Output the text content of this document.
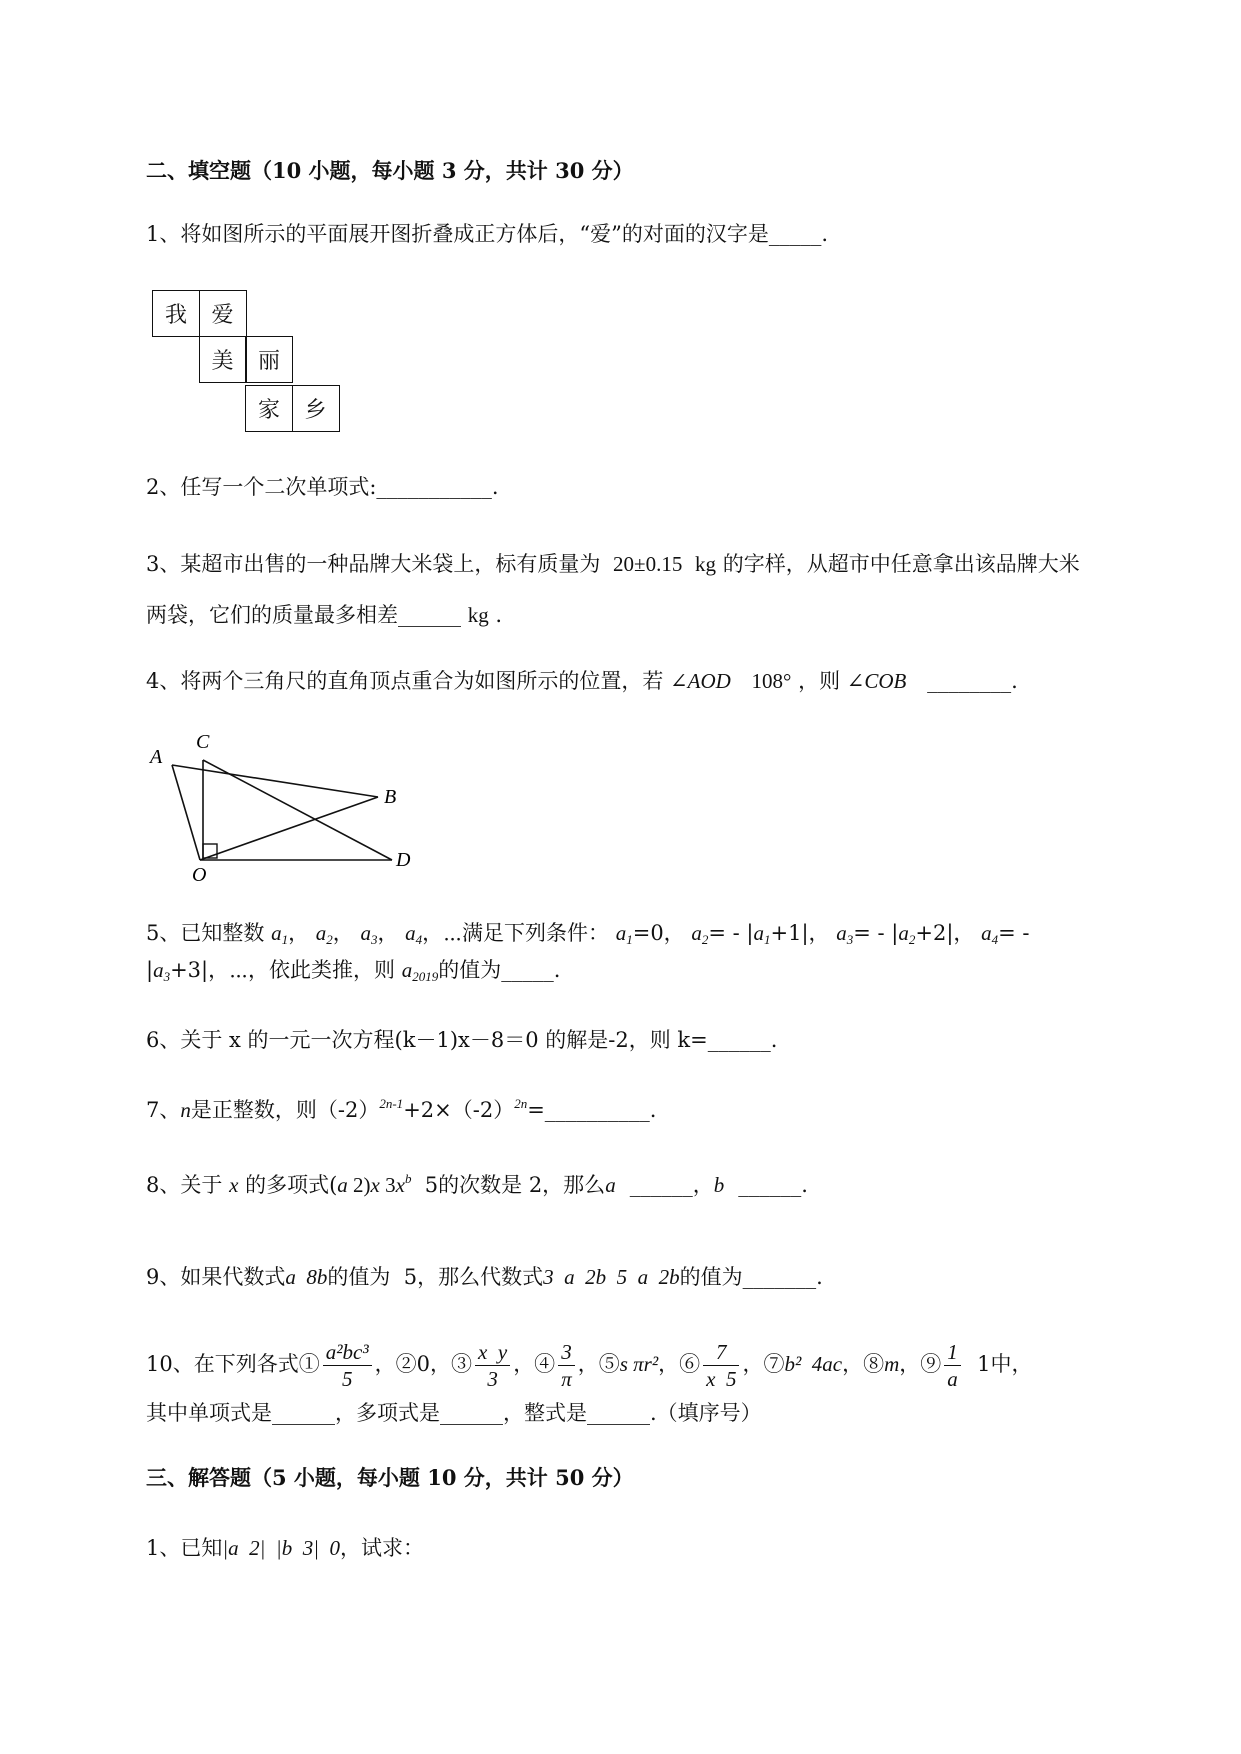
二、填空题（10 小题，每小题 3 分，共计 30 分）
1、将如图所示的平面展开图折叠成正方体后，“爱”的对面的汉字是_____.
我	爱
美	丽
家	乡
2、任写一个二次单项式:___________.
3、某超市出售的一种品牌大米袋上，标有质量为 20±0.15 kg 的字样，从超市中任意拿出该品牌大米
两袋，它们的质量最多相差______ kg .
4、将两个三角尺的直角顶点重合为如图所示的位置，若 ∠AOD 108° ，则 ∠COB ________.
A
C
B
D
O
5、已知整数 $a_1$， $a_2$， $a_3$， $a_4$，⋯满足下列条件： $a_1=0$， $a_2= - |a_1+1|$， $a_3= - |a_2+2|$， $a_4=$ -
$|a_3+3|$，⋯，依此类推，则 $a_{2019}$的值为_____.
6、关于 x 的一元一次方程(k－1)x－8＝0 的解是-2，则 k=______.
7、n是正整数，则$(-2)^{2n-1}+2\times(-2)^{2n}=\_\_\_\_\_\_\_\_\_\_$.
8、关于 x 的多项式(a 2)x $3x^b$  5的次数是 2，那么a ______，b ______.
9、如果代数式a  8b的值为  5，那么代数式3  a  2b  5  a  2b的值为_______.
10、在下列各式① $\frac{\text{a²bc³}}{5}$ ，②0，③ $\frac{\text{x  y}}{3}$ ，④ $\frac{3}{\pi}$ ，⑤s πr²，⑥ $\frac{7}{x 5}$ ，⑦b²  4ac，⑧m，⑨ $\frac{1}{a} 1$中，
其中单项式是______，多项式是______，整式是______.（填序号）
三、解答题（5 小题，每小题 10 分，共计 50 分）
1、已知|a  2|  |b  3|  0，试求：
